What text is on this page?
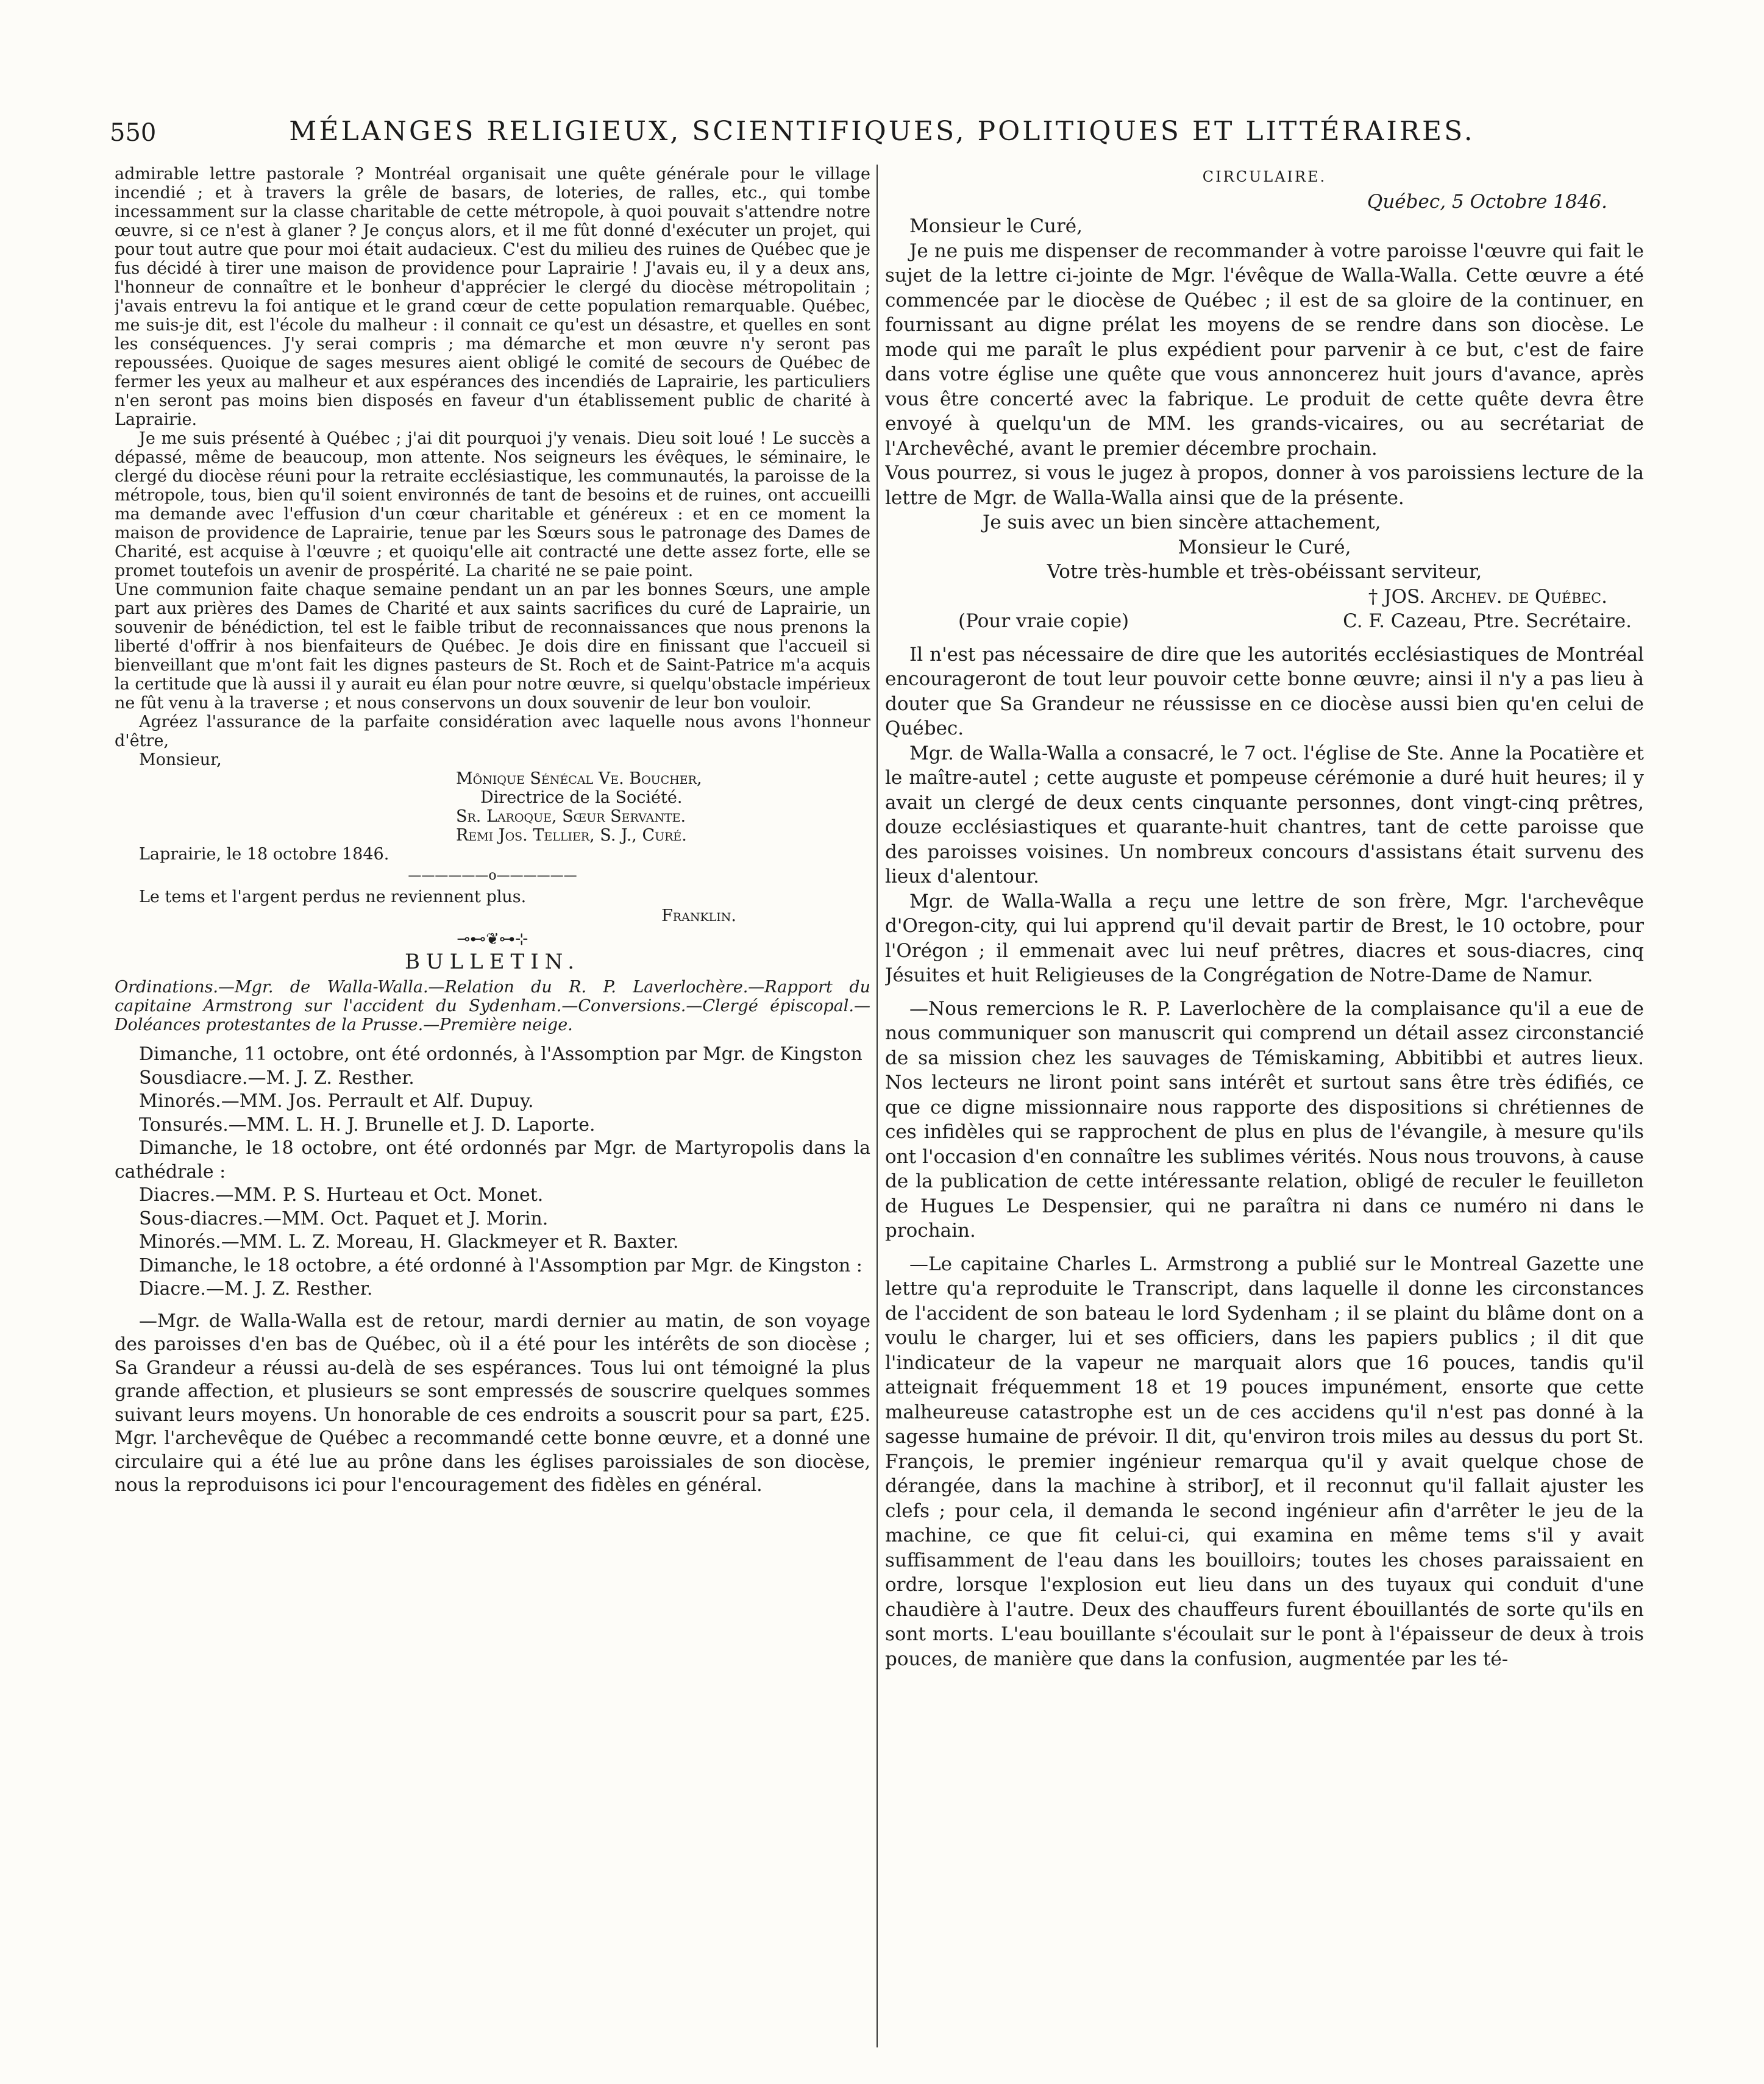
550	MÉLANGES RELIGIEUX, SCIENTIFIQUES, POLITIQUES ET LITTÉRAIRES.

admirable lettre pastorale ? Montréal organisait une quête générale pour le village incendié ; et à travers la grêle de basars, de loteries, de ralles, etc., qui tombe incessamment sur la classe charitable de cette métropole, à quoi pouvait s'attendre notre œuvre, si ce n'est à glaner ? Je conçus alors, et il me fût donné d'exécuter un projet, qui pour tout autre que pour moi était audacieux. C'est du milieu des ruines de Québec que je fus décidé à tirer une maison de providence pour Laprairie ! J'avais eu, il y a deux ans, l'honneur de connaître et le bonheur d'apprécier le clergé du diocèse métropolitain ; j'avais entrevu la foi antique et le grand cœur de cette population remarquable. Québec, me suis-je dit, est l'école du malheur : il connait ce qu'est un désastre, et quelles en sont les conséquences. J'y serai compris ; ma démarche et mon œuvre n'y seront pas repoussées. Quoique de sages mesures aient obligé le comité de secours de Québec de fermer les yeux au malheur et aux espérances des incendiés de Laprairie, les particuliers n'en seront pas moins bien disposés en faveur d'un établissement public de charité à Laprairie.

Je me suis présenté à Québec ; j'ai dit pourquoi j'y venais. Dieu soit loué ! Le succès a dépassé, même de beaucoup, mon attente. Nos seigneurs les évêques, le séminaire, le clergé du diocèse réuni pour la retraite ecclésiastique, les communautés, la paroisse de la métropole, tous, bien qu'il soient environnés de tant de besoins et de ruines, ont accueilli ma demande avec l'effusion d'un cœur charitable et généreux : et en ce moment la maison de providence de Laprairie, tenue par les Sœurs sous le patronage des Dames de Charité, est acquise à l'œuvre ; et quoiqu'elle ait contracté une dette assez forte, elle se promet toutefois un avenir de prospérité. La charité ne se paie point.

Une communion faite chaque semaine pendant un an par les bonnes Sœurs, une ample part aux prières des Dames de Charité et aux saints sacrifices du curé de Laprairie, un souvenir de bénédiction, tel est le faible tribut de reconnaissances que nous prenons la liberté d'offrir à nos bienfaiteurs de Québec. Je dois dire en finissant que l'accueil si bienveillant que m'ont fait les dignes pasteurs de St. Roch et de Saint-Patrice m'a acquis la certitude que là aussi il y aurait eu élan pour notre œuvre, si quelqu'obstacle impérieux ne fût venu à la traverse ; et nous conservons un doux souvenir de leur bon vouloir.

Agréez l'assurance de la parfaite considération avec laquelle nous avons l'honneur d'être,

Monsieur,

Mônique Sénécal Ve. Boucher,

Directrice de la Société.

Sr. Laroque, Sœur Servante.

Remi Jos. Tellier, S. J., Curé.

Laprairie, le 18 octobre 1846.

——————o——————

Le tems et l'argent perdus ne reviennent plus.

Franklin.

⊸⊷❦⊶⊹

BULLETIN.

Ordinations.—Mgr. de Walla-Walla.—Relation du R. P. Laverlochère.—Rapport du capitaine Armstrong sur l'accident du Sydenham.—Conversions.—Clergé épiscopal.—Doléances protestantes de la Prusse.—Première neige.

Dimanche, 11 octobre, ont été ordonnés, à l'Assomption par Mgr. de Kingston

Sousdiacre.—M. J. Z. Resther.

Minorés.—MM. Jos. Perrault et Alf. Dupuy.

Tonsurés.—MM. L. H. J. Brunelle et J. D. Laporte.

Dimanche, le 18 octobre, ont été ordonnés par Mgr. de Martyropolis dans la cathédrale :

Diacres.—MM. P. S. Hurteau et Oct. Monet.

Sous-diacres.—MM. Oct. Paquet et J. Morin.

Minorés.—MM. L. Z. Moreau, H. Glackmeyer et R. Baxter.

Dimanche, le 18 octobre, a été ordonné à l'Assomption par Mgr. de Kingston :

Diacre.—M. J. Z. Resther.

—Mgr. de Walla-Walla est de retour, mardi dernier au matin, de son voyage des paroisses d'en bas de Québec, où il a été pour les intérêts de son diocèse ; Sa Grandeur a réussi au-delà de ses espérances. Tous lui ont témoigné la plus grande affection, et plusieurs se sont empressés de souscrire quelques sommes suivant leurs moyens. Un honorable de ces endroits a souscrit pour sa part, £25. Mgr. l'archevêque de Québec a recommandé cette bonne œuvre, et a donné une circulaire qui a été lue au prône dans les églises paroissiales de son diocèse, nous la reproduisons ici pour l'encouragement des fidèles en général.

CIRCULAIRE.

Québec, 5 Octobre 1846.

Monsieur le Curé,

Je ne puis me dispenser de recommander à votre paroisse l'œuvre qui fait le sujet de la lettre ci-jointe de Mgr. l'évêque de Walla-Walla. Cette œuvre a été commencée par le diocèse de Québec ; il est de sa gloire de la continuer, en fournissant au digne prélat les moyens de se rendre dans son diocèse. Le mode qui me paraît le plus expédient pour parvenir à ce but, c'est de faire dans votre église une quête que vous annoncerez huit jours d'avance, après vous être concerté avec la fabrique. Le produit de cette quête devra être envoyé à quelqu'un de MM. les grands-vicaires, ou au secrétariat de l'Archevêché, avant le premier décembre prochain.

Vous pourrez, si vous le jugez à propos, donner à vos paroissiens lecture de la lettre de Mgr. de Walla-Walla ainsi que de la présente.

Je suis avec un bien sincère attachement,

Monsieur le Curé,

Votre très-humble et très-obéissant serviteur,

† JOS. Archev. de Québec.

(Pour vraie copie)	C. F. Cazeau, Ptre. Secrétaire.

Il n'est pas nécessaire de dire que les autorités ecclésiastiques de Montréal encourageront de tout leur pouvoir cette bonne œuvre; ainsi il n'y a pas lieu à douter que Sa Grandeur ne réussisse en ce diocèse aussi bien qu'en celui de Québec.

Mgr. de Walla-Walla a consacré, le 7 oct. l'église de Ste. Anne la Pocatière et le maître-autel ; cette auguste et pompeuse cérémonie a duré huit heures; il y avait un clergé de deux cents cinquante personnes, dont vingt-cinq prêtres, douze ecclésiastiques et quarante-huit chantres, tant de cette paroisse que des paroisses voisines. Un nombreux concours d'assistans était survenu des lieux d'alentour.

Mgr. de Walla-Walla a reçu une lettre de son frère, Mgr. l'archevêque d'Oregon-city, qui lui apprend qu'il devait partir de Brest, le 10 octobre, pour l'Orégon ; il emmenait avec lui neuf prêtres, diacres et sous-diacres, cinq Jésuites et huit Religieuses de la Congrégation de Notre-Dame de Namur.

—Nous remercions le R. P. Laverlochère de la complaisance qu'il a eue de nous communiquer son manuscrit qui comprend un détail assez circonstancié de sa mission chez les sauvages de Témiskaming, Abbitibbi et autres lieux. Nos lecteurs ne liront point sans intérêt et surtout sans être très édifiés, ce que ce digne missionnaire nous rapporte des dispositions si chrétiennes de ces infidèles qui se rapprochent de plus en plus de l'évangile, à mesure qu'ils ont l'occasion d'en connaître les sublimes vérités. Nous nous trouvons, à cause de la publication de cette intéressante relation, obligé de reculer le feuilleton de Hugues Le Despensier, qui ne paraîtra ni dans ce numéro ni dans le prochain.

—Le capitaine Charles L. Armstrong a publié sur le Montreal Gazette une lettre qu'a reproduite le Transcript, dans laquelle il donne les circonstances de l'accident de son bateau le lord Sydenham ; il se plaint du blâme dont on a voulu le charger, lui et ses officiers, dans les papiers publics ; il dit que l'indicateur de la vapeur ne marquait alors que 16 pouces, tandis qu'il atteignait fréquemment 18 et 19 pouces impunément, ensorte que cette malheureuse catastrophe est un de ces accidens qu'il n'est pas donné à la sagesse humaine de prévoir. Il dit, qu'environ trois miles au dessus du port St. François, le premier ingénieur remarqua qu'il y avait quelque chose de dérangée, dans la machine à striborJ, et il reconnut qu'il fallait ajuster les clefs ; pour cela, il demanda le second ingénieur afin d'arrêter le jeu de la machine, ce que fit celui-ci, qui examina en même tems s'il y avait suffisamment de l'eau dans les bouilloirs; toutes les choses paraissaient en ordre, lorsque l'explosion eut lieu dans un des tuyaux qui conduit d'une chaudière à l'autre. Deux des chauffeurs furent ébouillantés de sorte qu'ils en sont morts. L'eau bouillante s'écoulait sur le pont à l'épaisseur de deux à trois pouces, de manière que dans la confusion, augmentée par les té-
